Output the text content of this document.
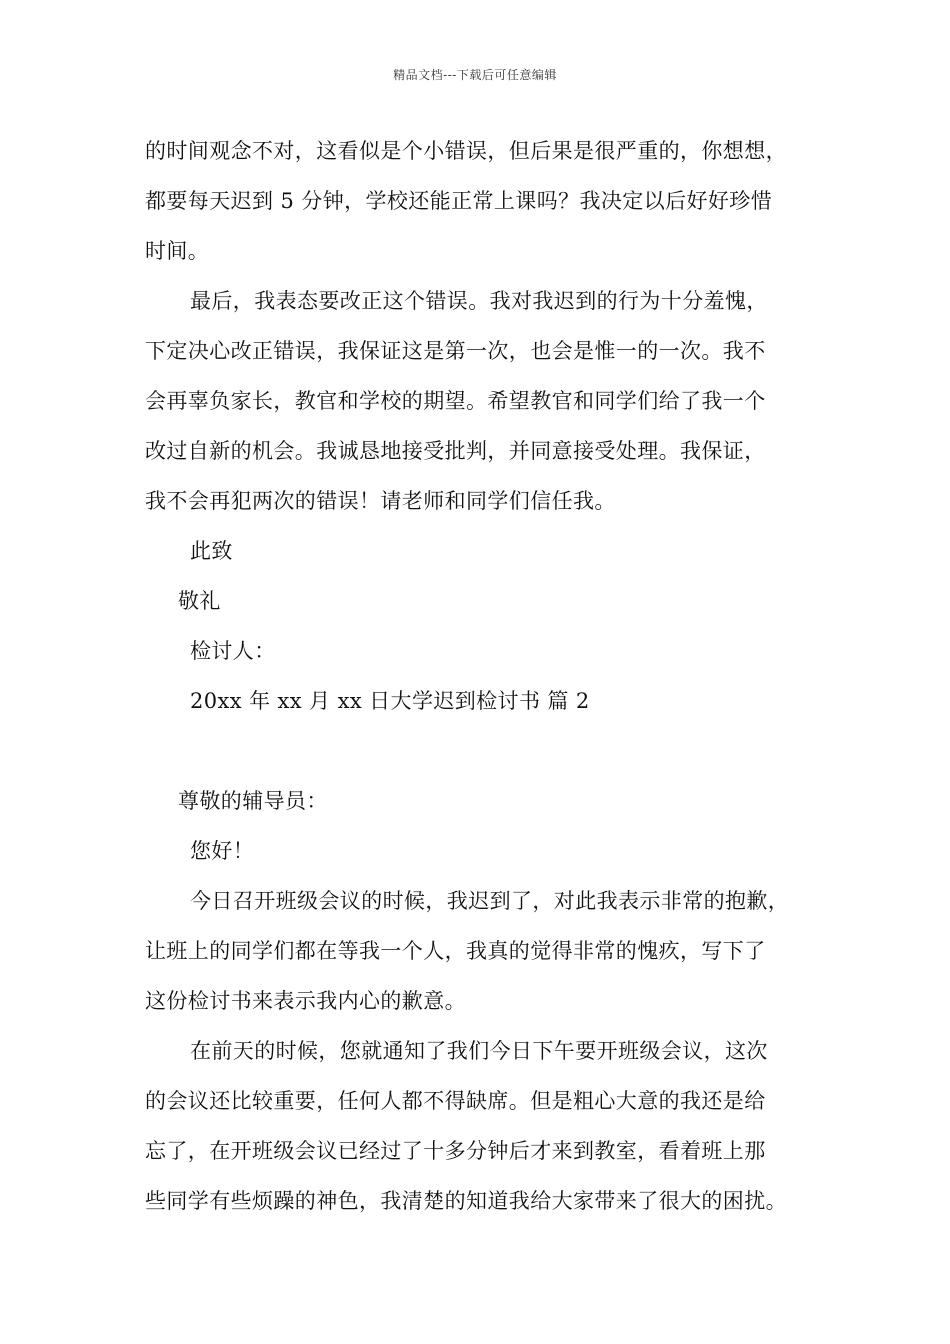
精品文档---下载后可任意编辑
的时间观念不对，这看似是个小错误，但后果是很严重的，你想想，
都要每天迟到 5 分钟，学校还能正常上课吗？我决定以后好好珍惜
时间。
最后，我表态要改正这个错误。我对我迟到的行为十分羞愧，
下定决心改正错误，我保证这是第一次，也会是惟一的一次。我不
会再辜负家长，教官和学校的期望。希望教官和同学们给了我一个
改过自新的机会。我诚恳地接受批判，并同意接受处理。我保证，
我不会再犯两次的错误！请老师和同学们信任我。
此致
敬礼
检讨人：
20xx 年 xx 月 xx 日大学迟到检讨书 篇 2
尊敬的辅导员：
您好！
今日召开班级会议的时候，我迟到了，对此我表示非常的抱歉，
让班上的同学们都在等我一个人，我真的觉得非常的愧疚，写下了
这份检讨书来表示我内心的歉意。
在前天的时候，您就通知了我们今日下午要开班级会议，这次
的会议还比较重要，任何人都不得缺席。但是粗心大意的我还是给
忘了，在开班级会议已经过了十多分钟后才来到教室，看着班上那
些同学有些烦躁的神色，我清楚的知道我给大家带来了很大的困扰。
